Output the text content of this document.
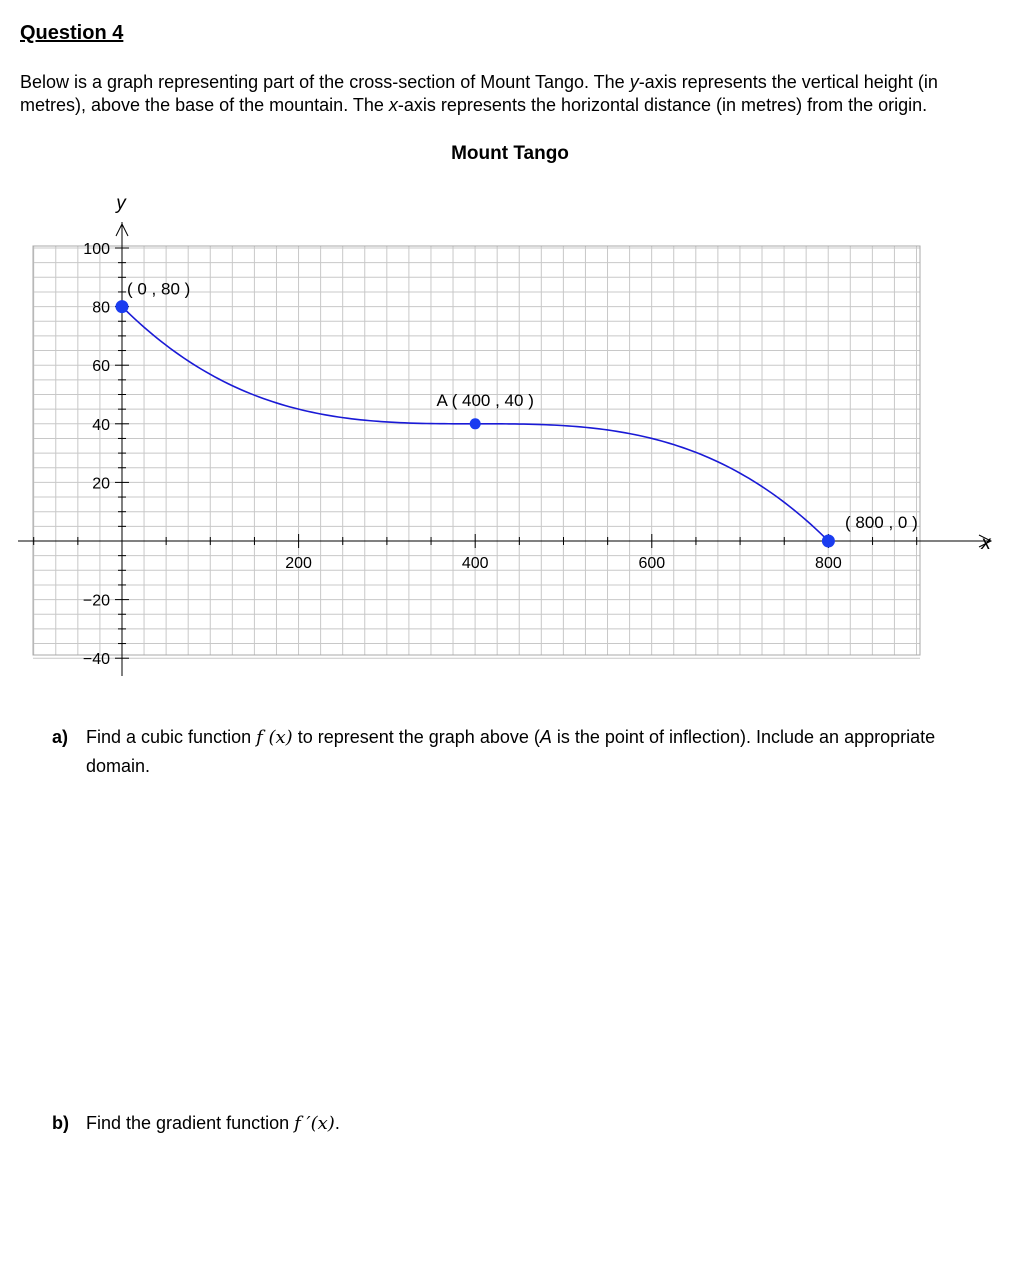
Question 4
Below is a graph representing part of the cross-section of Mount Tango. The y-axis represents the vertical height (in metres), above the base of the mountain. The x-axis represents the horizontal distance (in metres) from the origin.
Mount Tango
100
80
60
40
20
−20
−40
200	400	600	800
y
x
( 0 , 80 )
A ( 400 , 40 )
( 800 , 0 )
a) Find a cubic function f (x) to represent the graph above (A is the point of inflection). Include an appropriate domain.
b) Find the gradient function f ′(x).
